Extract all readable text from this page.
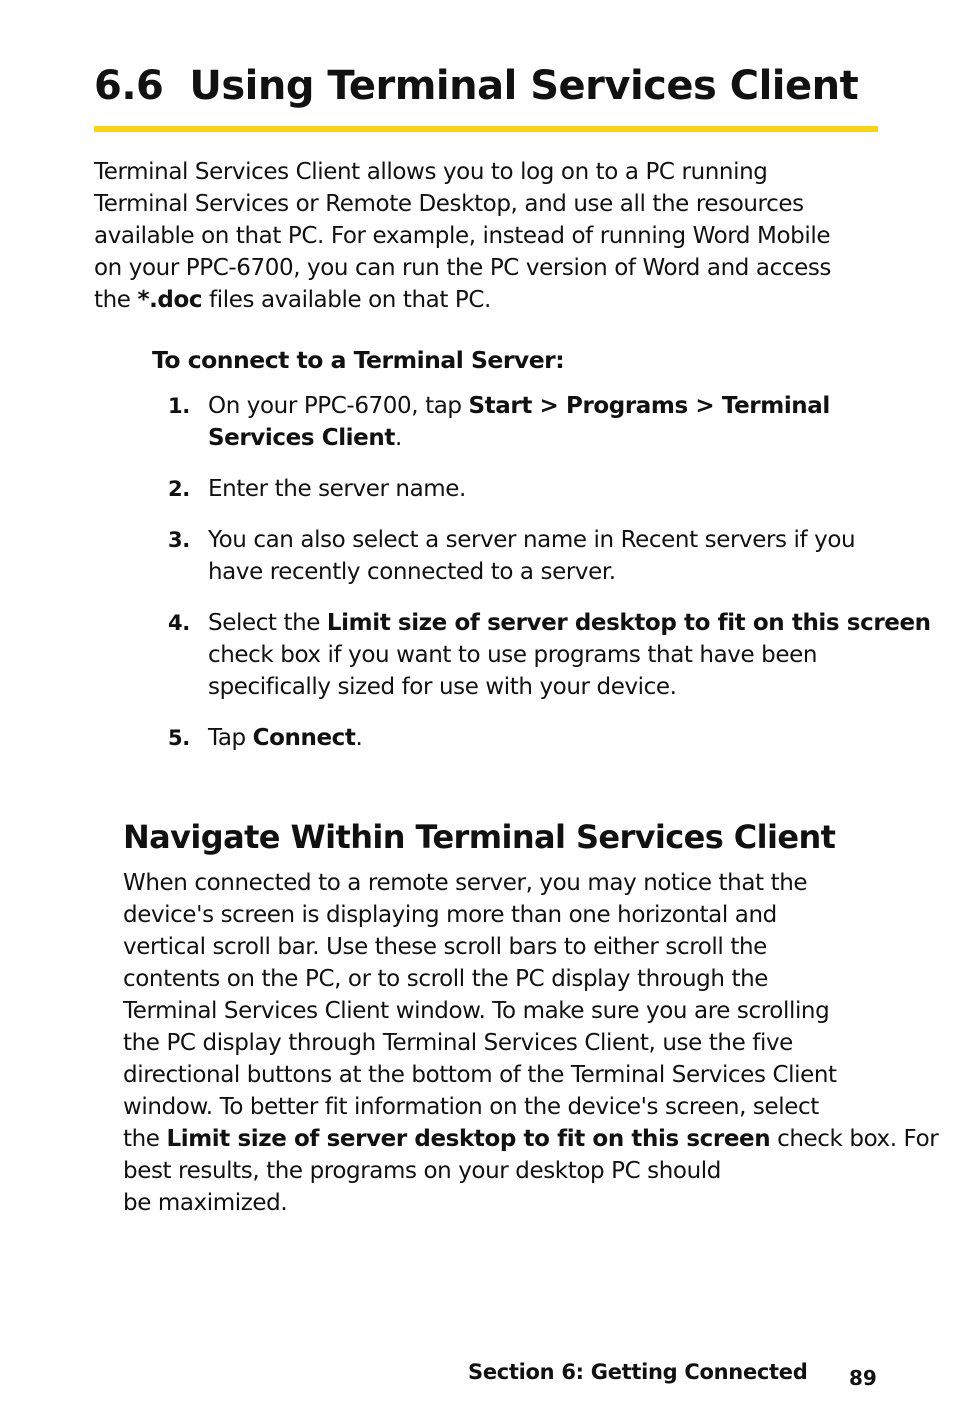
6.6 Using Terminal Services Client
Terminal Services Client allows you to log on to a PC running
Terminal Services or Remote Desktop, and use all the resources
available on that PC. For example, instead of running Word Mobile
on your PPC-6700, you can run the PC version of Word and access
the *.doc files available on that PC.
To connect to a Terminal Server:
1. On your PPC-6700, tap Start > Programs > Terminal
Services Client.
2. Enter the server name.
3. You can also select a server name in Recent servers if you
have recently connected to a server.
4. Select the Limit size of server desktop to fit on this screen
check box if you want to use programs that have been
specifically sized for use with your device.
5. Tap Connect.
Navigate Within Terminal Services Client
When connected to a remote server, you may notice that the
device's screen is displaying more than one horizontal and
vertical scroll bar. Use these scroll bars to either scroll the
contents on the PC, or to scroll the PC display through the
Terminal Services Client window. To make sure you are scrolling
the PC display through Terminal Services Client, use the five
directional buttons at the bottom of the Terminal Services Client
window. To better fit information on the device's screen, select
the Limit size of server desktop to fit on this screen check box. For
best results, the programs on your desktop PC should
be maximized.
Section 6: Getting Connected 89
